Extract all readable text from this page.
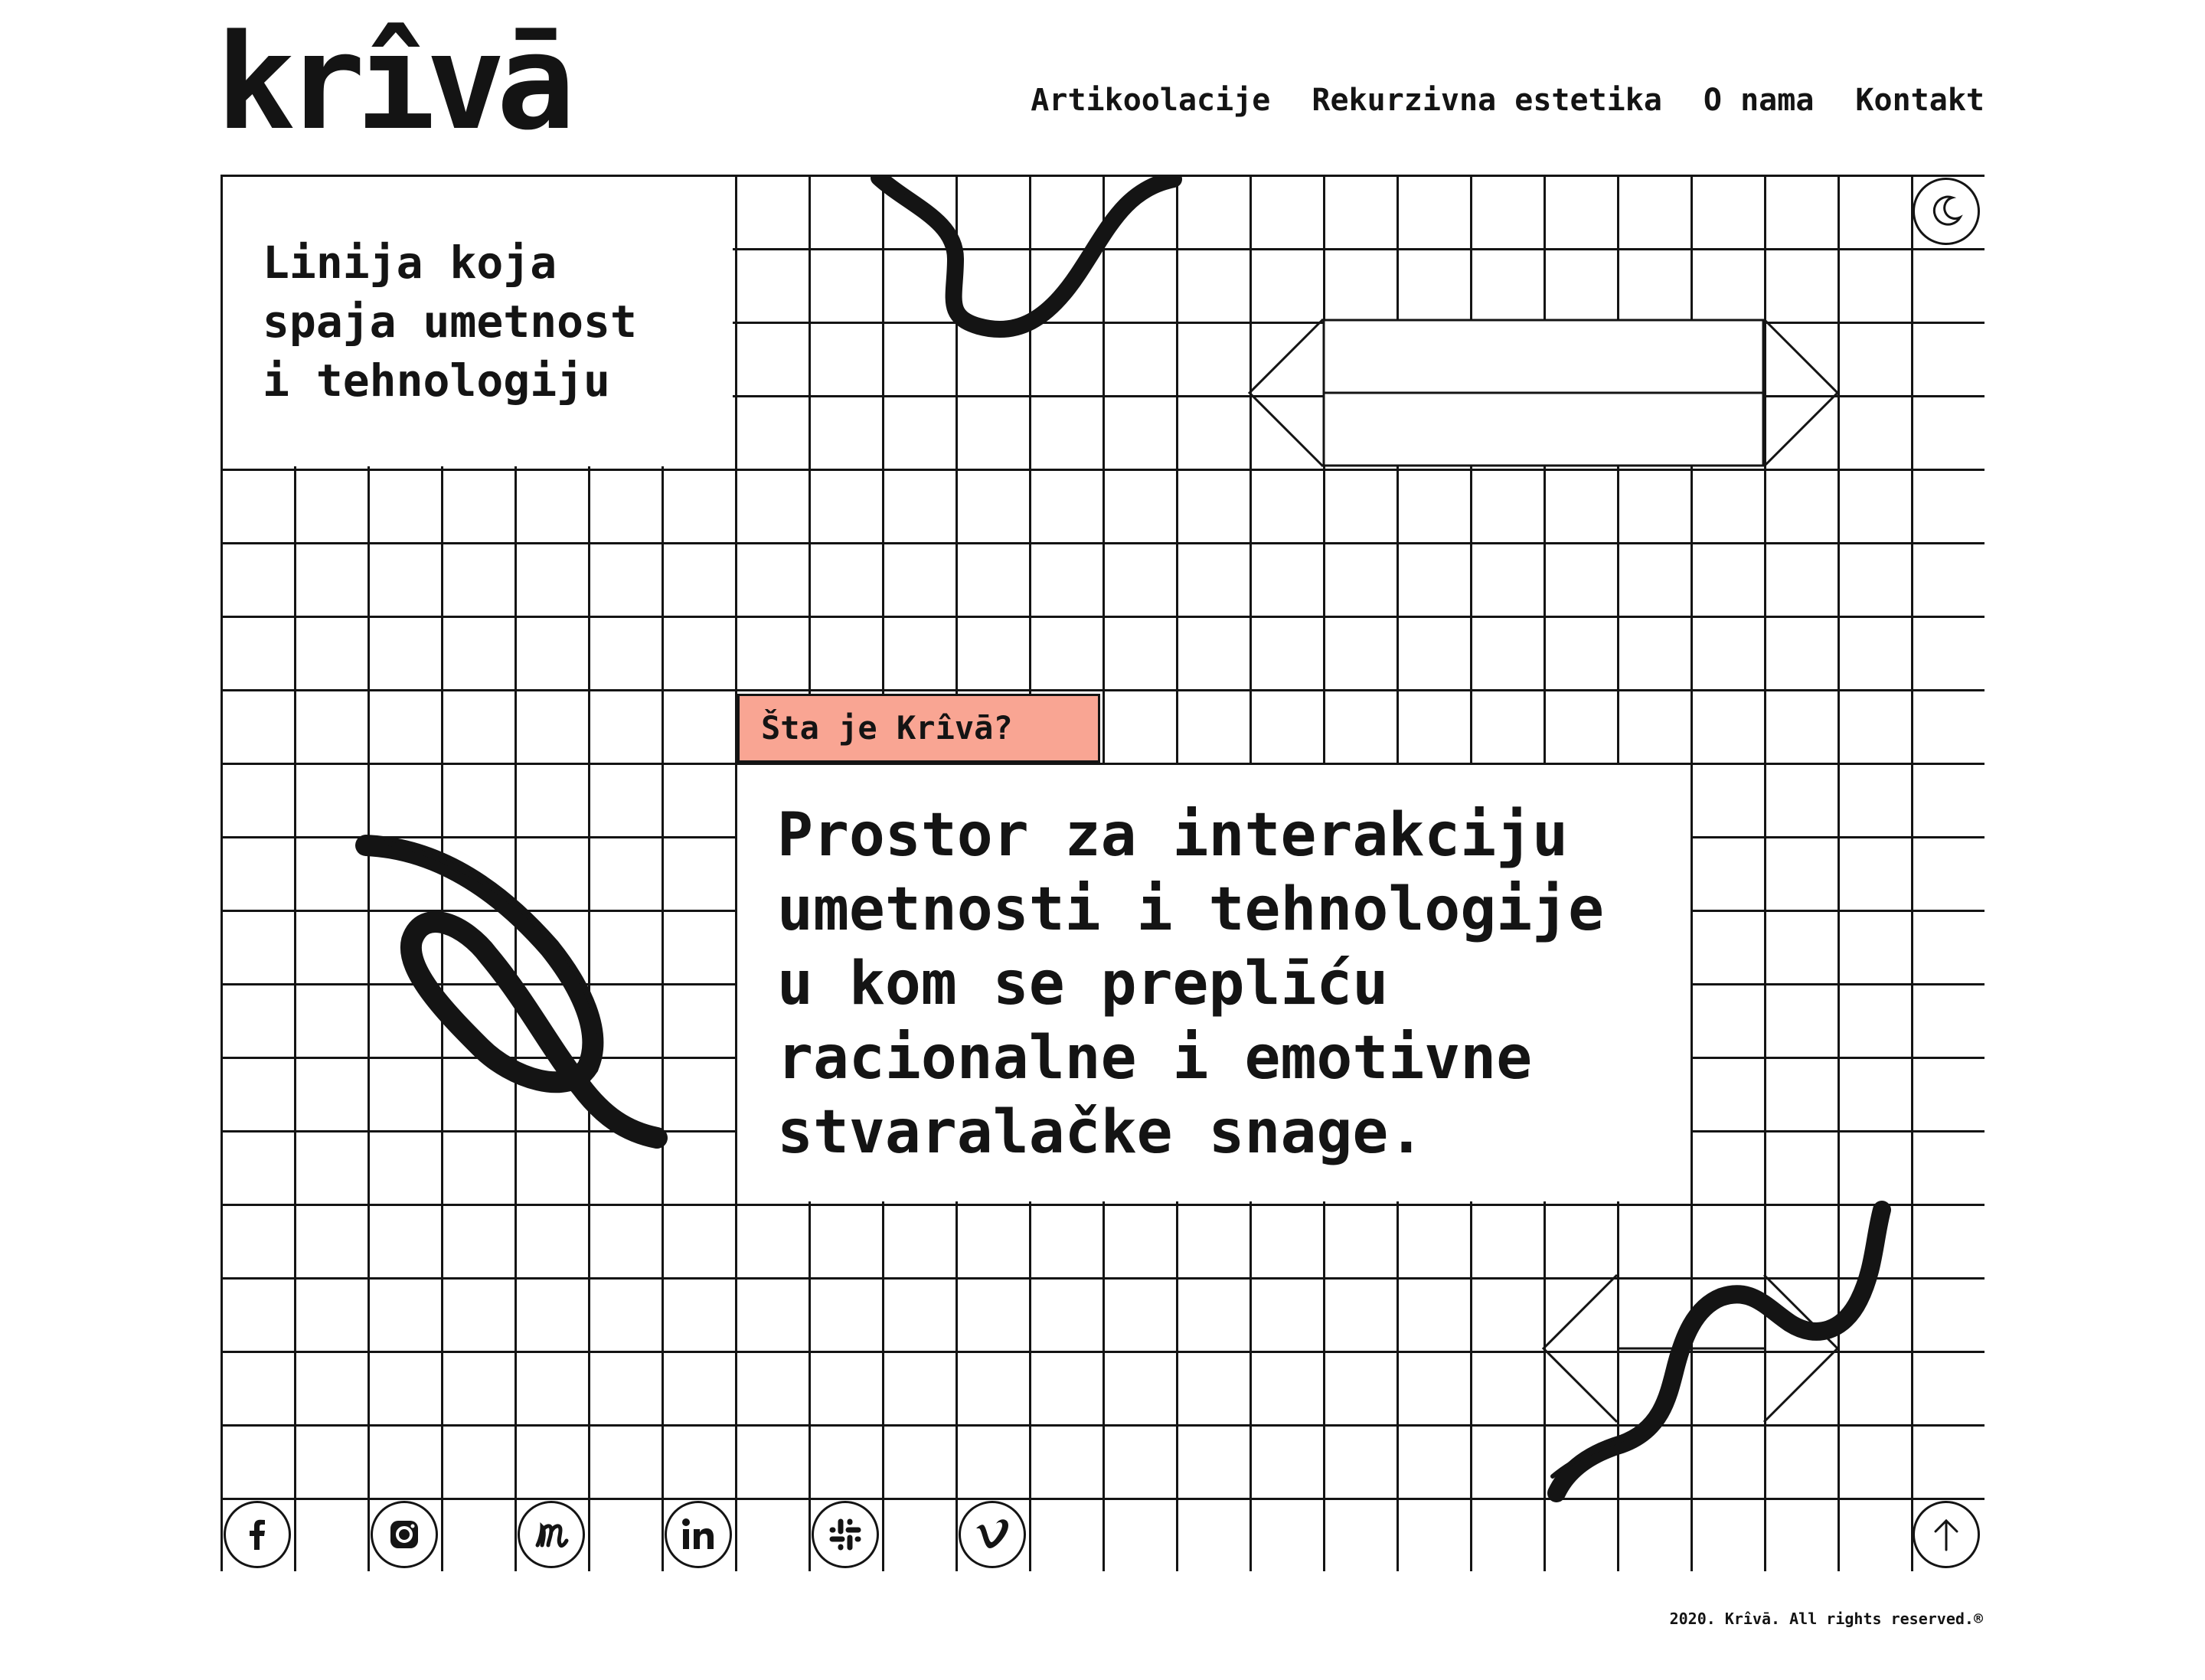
krîvā	Artikoolacije Rekurzivna estetika O nama Kontakt

Linija koja
spaja umetnost
i tehnologiju

Šta je Krîvā?

Prostor za interakciju
umetnosti i tehnologije
u kom se preplīću
racionalne i emotivne
stvaralačke snage.

2020. Krîvā. All rights reserved.®
